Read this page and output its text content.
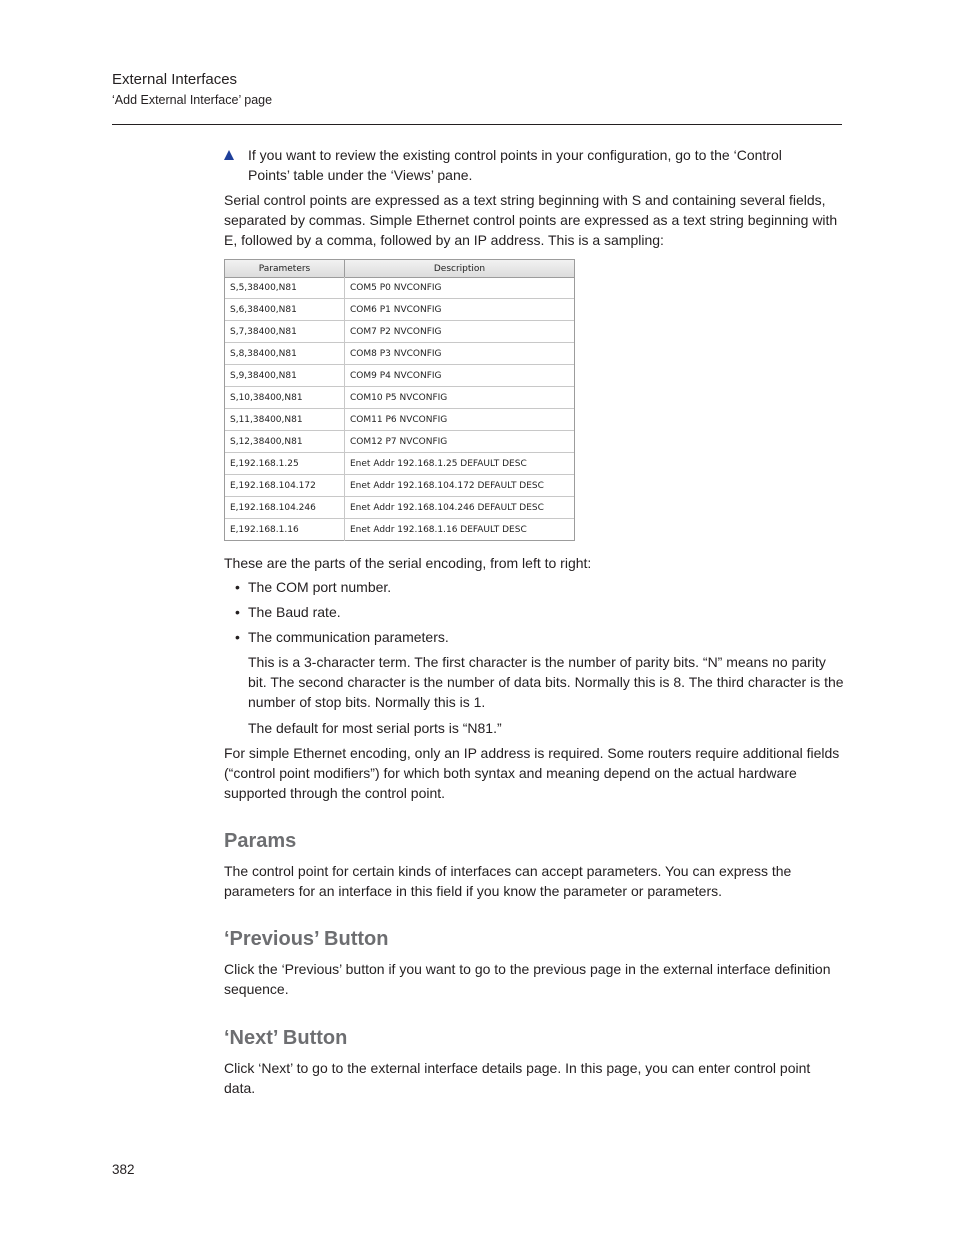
External Interfaces
‘Add External Interface’ page
If you want to review the existing control points in your configuration, go to the ‘Control Points’ table under the ‘Views’ pane.
Serial control points are expressed as a text string beginning with S and containing several fields, separated by commas. Simple Ethernet control points are expressed as a text string beginning with E, followed by a comma, followed by an IP address. This is a sampling:
Parameters	Description
S,5,38400,N81	COM5 P0 NVCONFIG
S,6,38400,N81	COM6 P1 NVCONFIG
S,7,38400,N81	COM7 P2 NVCONFIG
S,8,38400,N81	COM8 P3 NVCONFIG
S,9,38400,N81	COM9 P4 NVCONFIG
S,10,38400,N81	COM10 P5 NVCONFIG
S,11,38400,N81	COM11 P6 NVCONFIG
S,12,38400,N81	COM12 P7 NVCONFIG
E,192.168.1.25	Enet Addr 192.168.1.25 DEFAULT DESC
E,192.168.104.172	Enet Addr 192.168.104.172 DEFAULT DESC
E,192.168.104.246	Enet Addr 192.168.104.246 DEFAULT DESC
E,192.168.1.16	Enet Addr 192.168.1.16 DEFAULT DESC
These are the parts of the serial encoding, from left to right:
• The COM port number.
• The Baud rate.
• The communication parameters.
This is a 3-character term. The first character is the number of parity bits. “N” means no parity bit. The second character is the number of data bits. Normally this is 8. The third character is the number of stop bits. Normally this is 1.
The default for most serial ports is “N81.”
For simple Ethernet encoding, only an IP address is required. Some routers require additional fields (“control point modifiers”) for which both syntax and meaning depend on the actual hardware supported through the control point.
Params
The control point for certain kinds of interfaces can accept parameters. You can express the parameters for an interface in this field if you know the parameter or parameters.
‘Previous’ Button
Click the ‘Previous’ button if you want to go to the previous page in the external interface definition sequence.
‘Next’ Button
Click ‘Next’ to go to the external interface details page. In this page, you can enter control point data.
382
